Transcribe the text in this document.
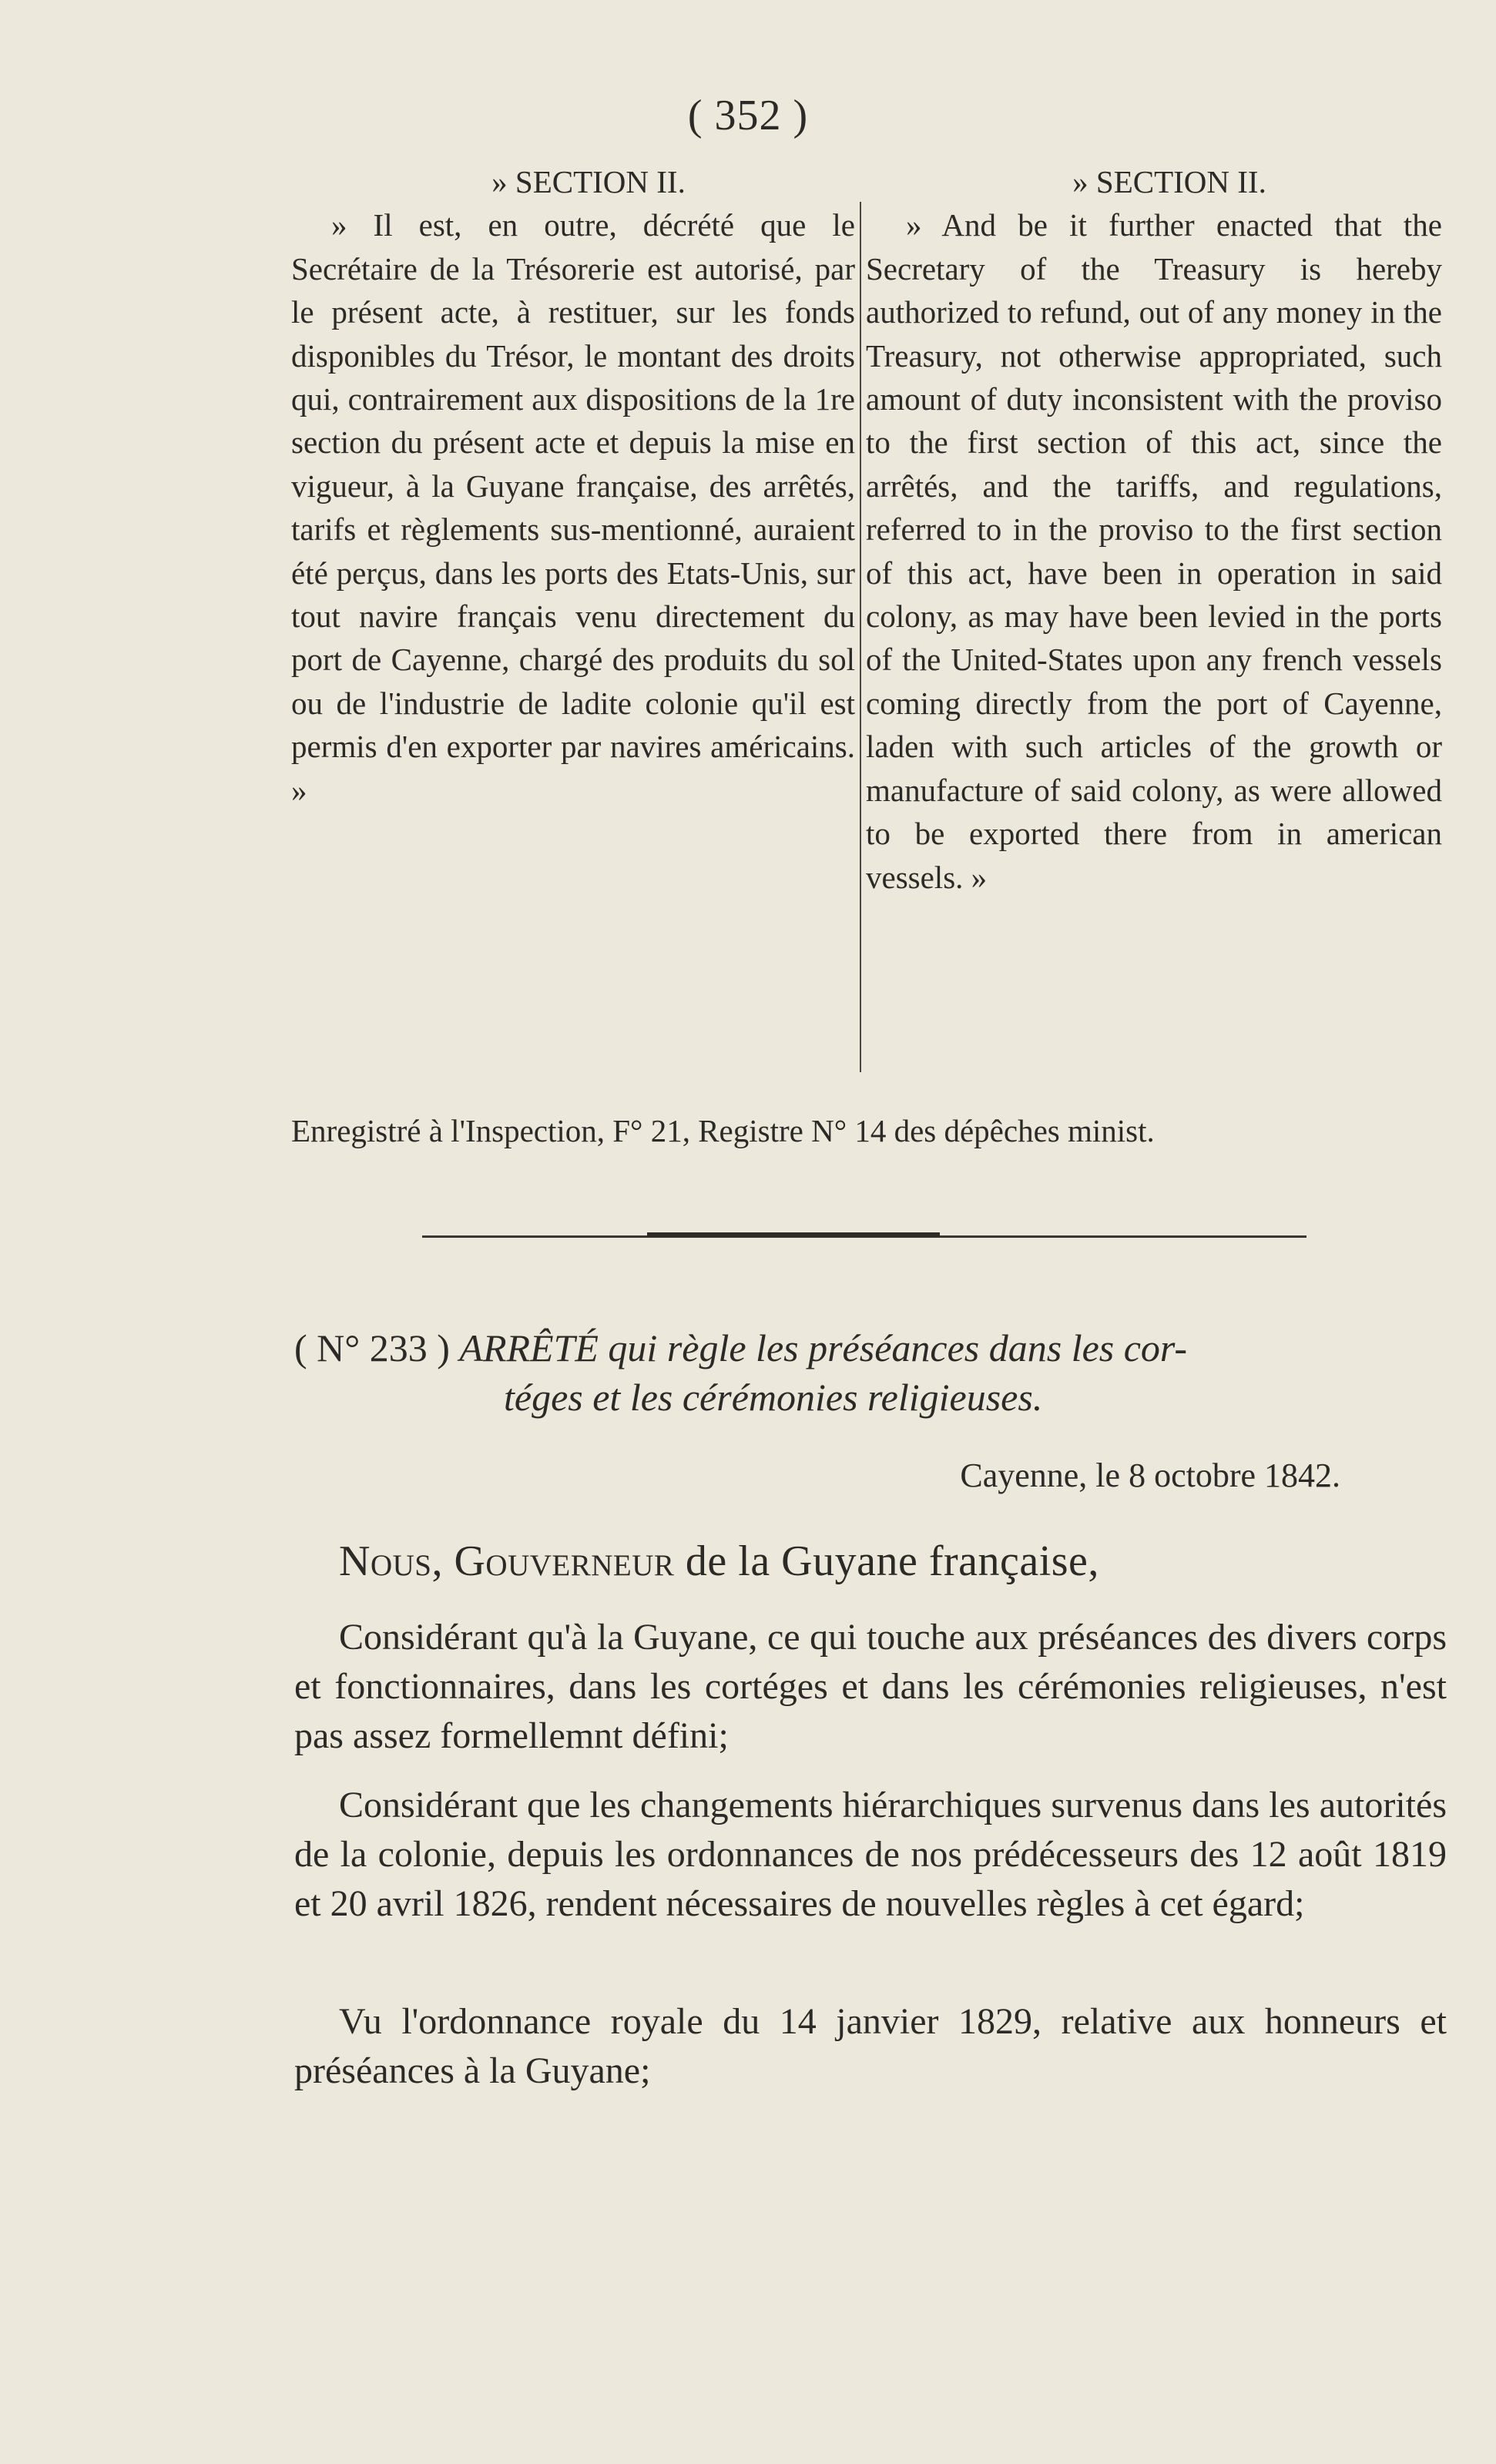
( 352 )

» SECTION II.

» Il est, en outre, décrété que le Secrétaire de la Trésorerie est autorisé, par le présent acte, à restituer, sur les fonds disponibles du Trésor, le montant des droits qui, contrairement aux dispositions de la 1re section du présent acte et depuis la mise en vigueur, à la Guyane française, des arrêtés, tarifs et règlements sus-mentionné, auraient été perçus, dans les ports des Etats-Unis, sur tout navire français venu directement du port de Cayenne, chargé des produits du sol ou de l'industrie de ladite colonie qu'il est permis d'en exporter par navires américains. »

» SECTION II.

» And be it further enacted that the Secretary of the Treasury is hereby authorized to refund, out of any money in the Treasury, not otherwise appropriated, such amount of duty inconsistent with the proviso to the first section of this act, since the arrêtés, and the tariffs, and regulations, referred to in the proviso to the first section of this act, have been in operation in said colony, as may have been levied in the ports of the United-States upon any french vessels coming directly from the port of Cayenne, laden with such articles of the growth or manufacture of said colony, as were allowed to be exported there from in american vessels. »

Enregistré à l'Inspection, F° 21, Registre N° 14 des dépêches minist.
( N° 233 ) ARRÊTÉ qui règle les préséances dans les cor-
téges et les cérémonies religieuses.
Cayenne, le 8 octobre 1842.
Nous, Gouverneur de la Guyane française,

Considérant qu'à la Guyane, ce qui touche aux préséances des divers corps et fonctionnaires, dans les cortéges et dans les cérémonies religieuses, n'est pas assez formellemnt défini;

Considérant que les changements hiérarchiques survenus dans les autorités de la colonie, depuis les ordonnances de nos prédécesseurs des 12 août 1819 et 20 avril 1826, rendent nécessaires de nouvelles règles à cet égard;

Vu l'ordonnance royale du 14 janvier 1829, relative aux honneurs et préséances à la Guyane;
